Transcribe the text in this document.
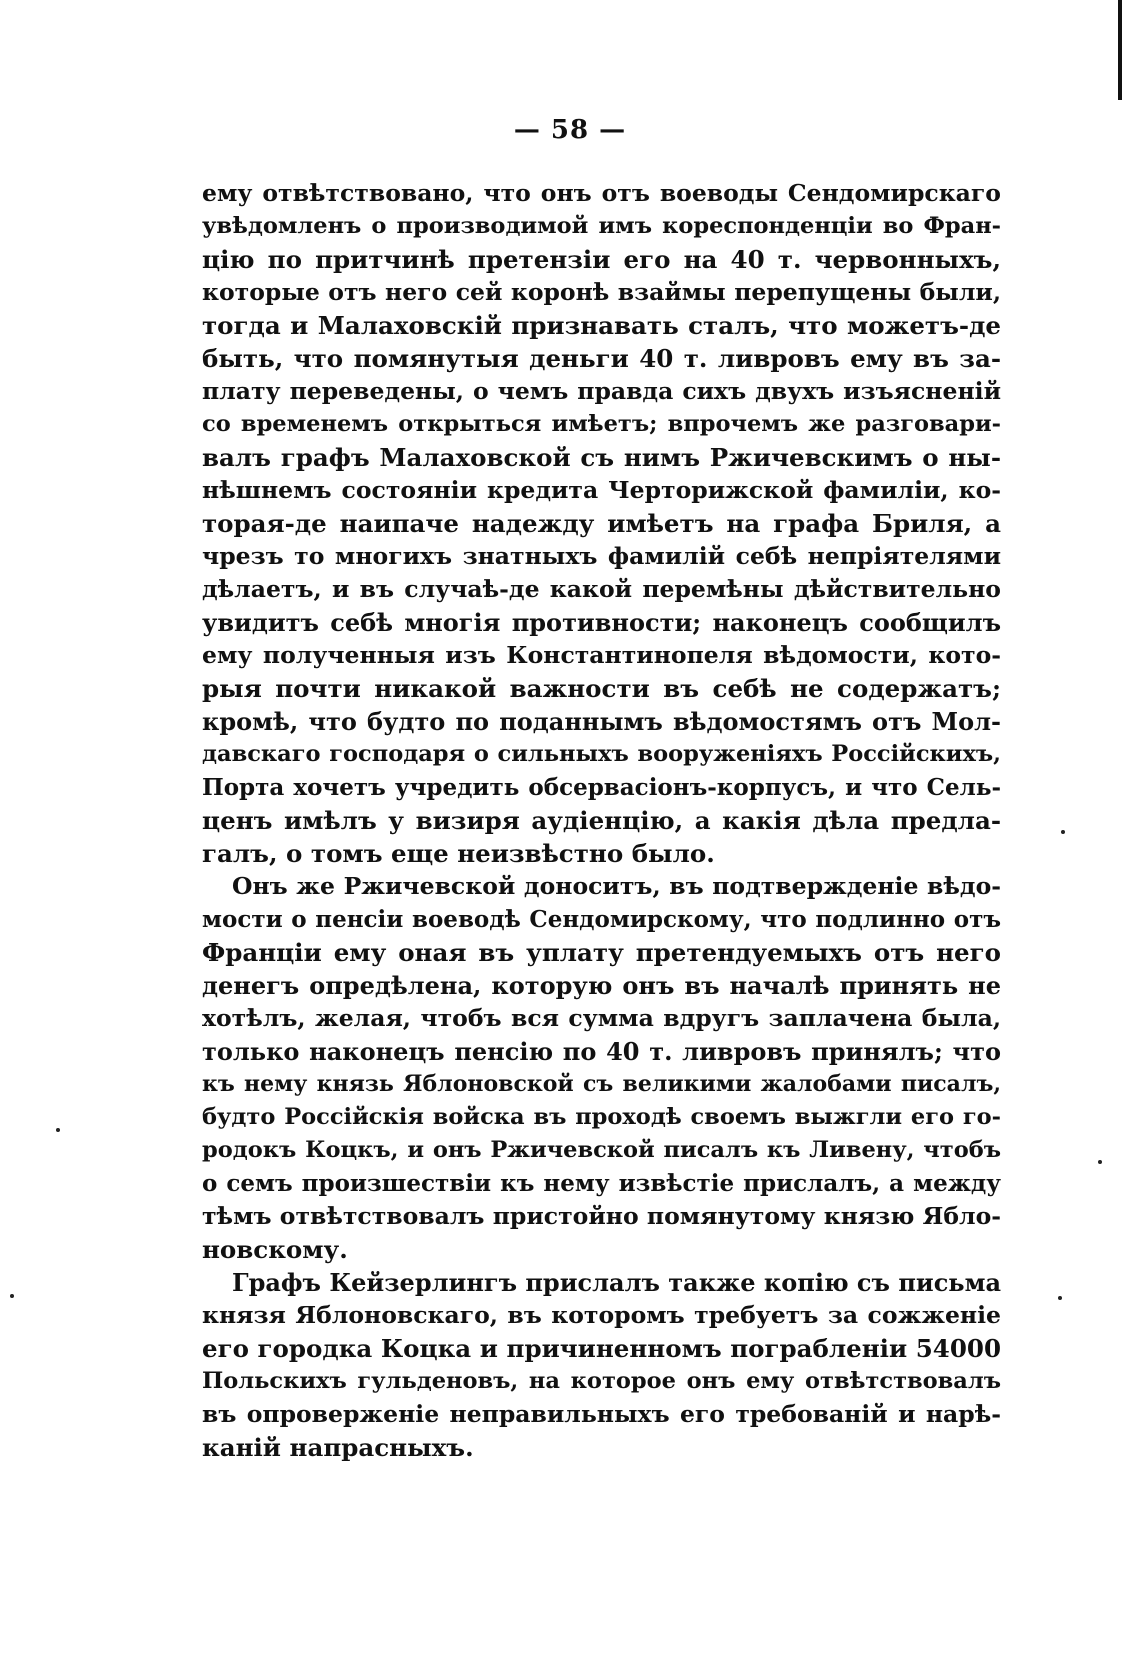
— 58 —
ему отвѣтствовано, что онъ отъ воеводы Сендомирскаго
увѣдомленъ о производимой имъ кореспонденціи во Фран-
цію по притчинѣ претензіи его на 40 т. червонныхъ,
которые отъ него сей коронѣ взаймы перепущены были,
тогда и Малаховскій признавать сталъ, что можетъ-де
быть, что помянутыя деньги 40 т. ливровъ ему въ за-
плату переведены, о чемъ правда сихъ двухъ изъясненій
со временемъ открыться имѣетъ; впрочемъ же разговари-
валъ графъ Малаховской съ нимъ Ржичевскимъ о ны-
нѣшнемъ состояніи кредита Черторижской фамиліи, ко-
торая-де наипаче надежду имѣетъ на графа Бриля, а
чрезъ то многихъ знатныхъ фамилій себѣ непріятелями
дѣлаетъ, и въ случаѣ-де какой перемѣны дѣйствительно
увидитъ себѣ многія противности; наконецъ сообщилъ
ему полученныя изъ Константинопеля вѣдомости, кото-
рыя почти никакой важности въ себѣ не содержатъ;
кромѣ, что будто по поданнымъ вѣдомостямъ отъ Мол-
давскаго господаря о сильныхъ вооруженіяхъ Россійскихъ,
Порта хочетъ учредить обсервасіонъ-корпусъ, и что Сель-
ценъ имѣлъ у визиря аудіенцію, а какія дѣла предла-
галъ, о томъ еще неизвѣстно было.
Онъ же Ржичевской доноситъ, въ подтвержденіе вѣдо-
мости о пенсіи воеводѣ Сендомирскому, что подлинно отъ
Франціи ему оная въ уплату претендуемыхъ отъ него
денегъ опредѣлена, которую онъ въ началѣ принять не
хотѣлъ, желая, чтобъ вся сумма вдругъ заплачена была,
только наконецъ пенсію по 40 т. ливровъ принялъ; что
къ нему князь Яблоновской съ великими жалобами писалъ,
будто Россійскія войска въ проходѣ своемъ выжгли его го-
родокъ Коцкъ, и онъ Ржичевской писалъ къ Ливену, чтобъ
о семъ произшествіи къ нему извѣстіе прислалъ, а между
тѣмъ отвѣтствовалъ пристойно помянутому князю Ябло-
новскому.
Графъ Кейзерлингъ прислалъ также копію съ письма
князя Яблоновскаго, въ которомъ требуетъ за сожженіе
его городка Коцка и причиненномъ пограбленіи 54000
Польскихъ гульденовъ, на которое онъ ему отвѣтствовалъ
въ опроверженіе неправильныхъ его требованій и нарѣ-
каній напрасныхъ.
